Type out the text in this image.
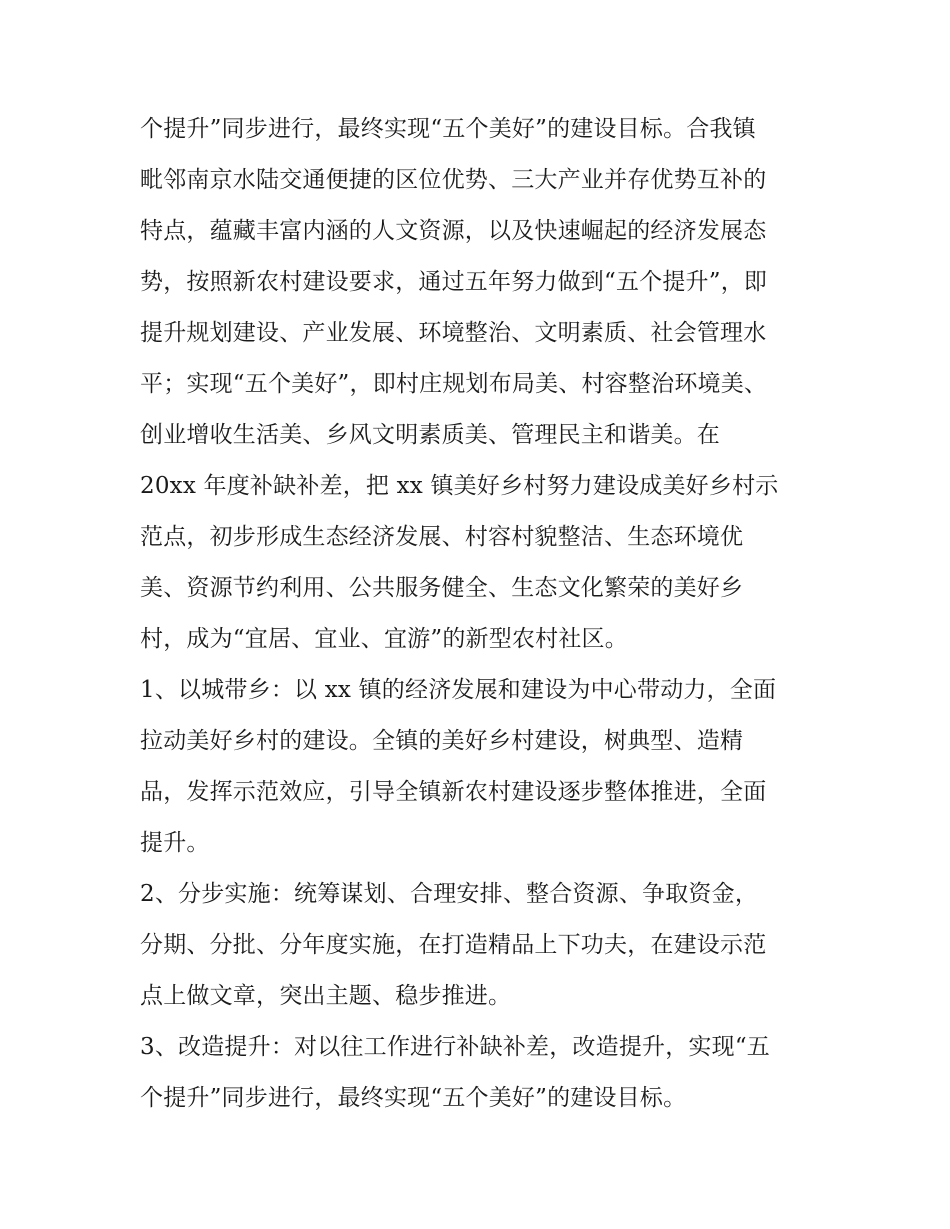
个提升”同步进行，最终实现“五个美好”的建设目标。合我镇
毗邻南京水陆交通便捷的区位优势、三大产业并存优势互补的
特点，蕴藏丰富内涵的人文资源，以及快速崛起的经济发展态
势，按照新农村建设要求，通过五年努力做到“五个提升”，即
提升规划建设、产业发展、环境整治、文明素质、社会管理水
平；实现“五个美好”，即村庄规划布局美、村容整治环境美、
创业增收生活美、乡风文明素质美、管理民主和谐美。在
20xx 年度补缺补差，把 xx 镇美好乡村努力建设成美好乡村示
范点，初步形成生态经济发展、村容村貌整洁、生态环境优
美、资源节约利用、公共服务健全、生态文化繁荣的美好乡
村，成为“宜居、宜业、宜游”的新型农村社区。
1、以城带乡：以 xx 镇的经济发展和建设为中心带动力，全面
拉动美好乡村的建设。全镇的美好乡村建设，树典型、造精
品，发挥示范效应，引导全镇新农村建设逐步整体推进，全面
提升。
2、分步实施：统筹谋划、合理安排、整合资源、争取资金，
分期、分批、分年度实施，在打造精品上下功夫，在建设示范
点上做文章，突出主题、稳步推进。
3、改造提升：对以往工作进行补缺补差，改造提升，实现“五
个提升”同步进行，最终实现“五个美好”的建设目标。
